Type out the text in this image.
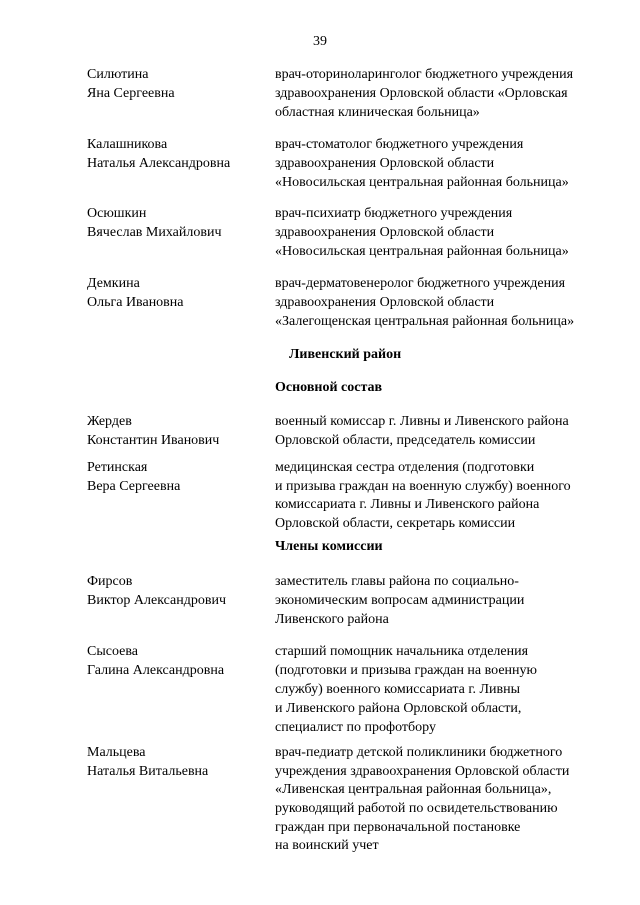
39
Силютина
Яна Сергеевна
врач-оториноларинголог бюджетного учреждения
здравоохранения Орловской области «Орловская
областная клиническая больница»
Калашникова
Наталья Александровна
врач-стоматолог бюджетного учреждения
здравоохранения Орловской области
«Новосильская центральная районная больница»
Осюшкин
Вячеслав Михайлович
врач-психиатр бюджетного учреждения
здравоохранения Орловской области
«Новосильская центральная районная больница»
Демкина
Ольга Ивановна
врач-дерматовенеролог бюджетного учреждения
здравоохранения Орловской области
«Залегощенская центральная районная больница»
Ливенский район
Основной состав
Жердев
Константин Иванович
военный комиссар г. Ливны и Ливенского района
Орловской области, председатель комиссии
Ретинская
Вера Сергеевна
медицинская сестра отделения (подготовки
и призыва граждан на военную службу) военного
комиссариата г. Ливны и Ливенского района
Орловской области, секретарь комиссии
Члены комиссии
Фирсов
Виктор Александрович
заместитель главы района по социально-
экономическим вопросам администрации
Ливенского района
Сысоева
Галина Александровна
старший помощник начальника отделения
(подготовки и призыва граждан на военную
службу) военного комиссариата г. Ливны
и Ливенского района Орловской области,
специалист по профотбору
Мальцева
Наталья Витальевна
врач-педиатр детской поликлиники бюджетного
учреждения здравоохранения Орловской области
«Ливенская центральная районная больница»,
руководящий работой по освидетельствованию
граждан при первоначальной постановке
на воинский учет
